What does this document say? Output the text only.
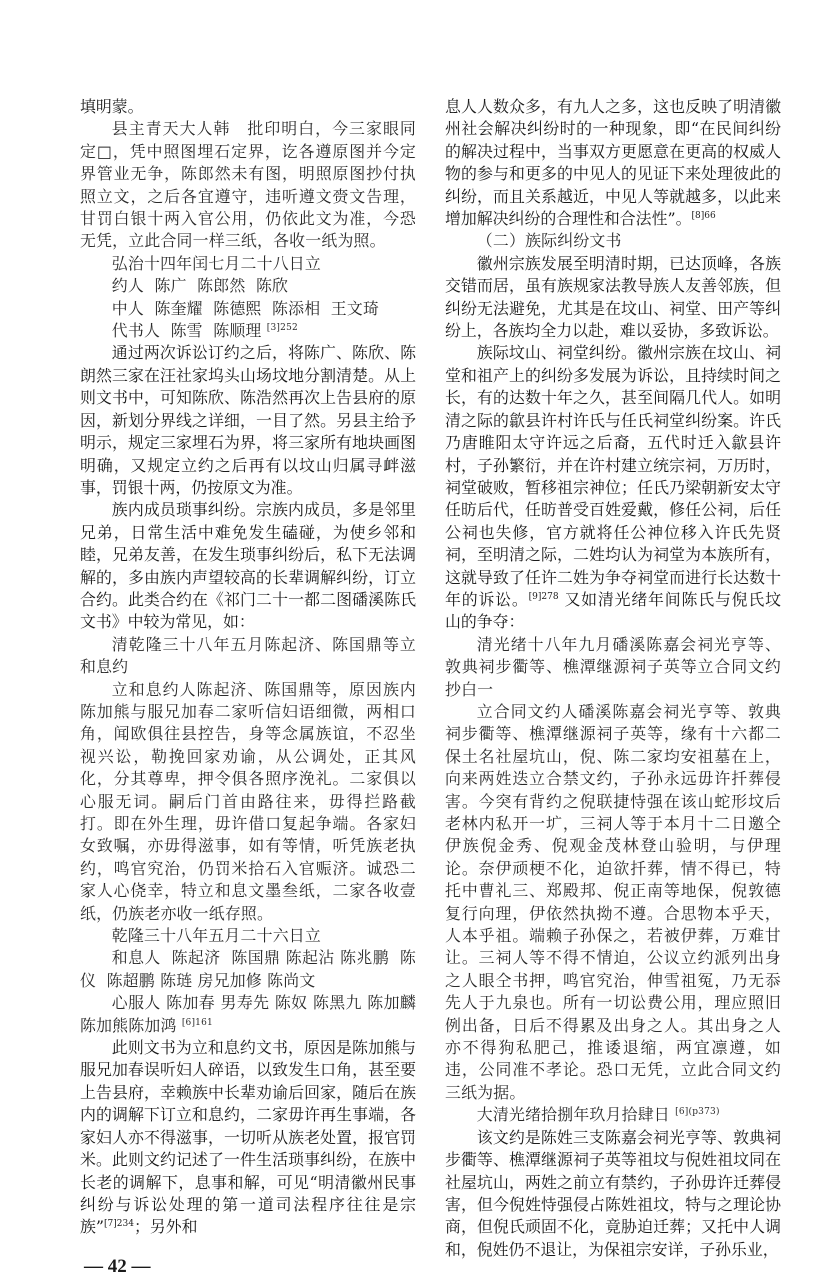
填明蒙。

县主青天大人韩　批印明白，今三家眼同定□，凭中照图埋石定界，讫各遵原图并今定界管业无争，陈郎然未有图，明照原图抄付执照立文，之后各宜遵守，违听遵文赍文告理，甘罚白银十两入官公用，仍依此文为准，今恐无凭，立此合同一样三纸，各收一纸为照。

弘治十四年闰七月二十八日立

约人  陈广  陈郎然  陈欣

中人  陈奎耀  陈德熙  陈添相  王文琦

代书人  陈雪  陈顺理 $^{[3]252}$

通过两次诉讼订约之后，将陈广、陈欣、陈朗然三家在汪社家坞头山场坟地分割清楚。从上则文书中，可知陈欣、陈浩然再次上告县府的原因，新划分界线之详细，一目了然。另县主给予明示，规定三家埋石为界，将三家所有地块画图明确，又规定立约之后再有以坟山归属寻衅滋事，罚银十两，仍按原文为准。

族内成员琐事纠纷。宗族内成员，多是邻里兄弟，日常生活中难免发生磕碰，为使乡邻和睦，兄弟友善，在发生琐事纠纷后，私下无法调解的，多由族内声望较高的长辈调解纠纷，订立合约。此类合约在《祁门二十一都二图磻溪陈氏文书》中较为常见，如：

清乾隆三十八年五月陈起济、陈国鼎等立和息约

立和息约人陈起济、陈国鼎等，原因族内陈加熊与服兄加春二家听信妇语细微，两相口角，闻欧俱往县控告，身等念属族谊，不忍坐视兴讼，勒挽回家劝谕，从公调处，正其风化，分其尊卑，押令俱各照序浼礼。二家俱以心服无词。嗣后门首由路往来，毋得拦路截打。即在外生理，毋许借口复起争端。各家妇女致嘱，亦毋得滋事，如有等情，听凭族老执约，鸣官究治，仍罚米拾石入官赈济。诚恐二家人心侥幸，特立和息文墨叁纸，二家各收壹纸，仍族老亦收一纸存照。

乾隆三十八年五月二十六日立

和息人  陈起济  陈国鼎 陈起沾 陈兆鹏  陈仪  陈超鹏 陈琏 房兄加修 陈尚文

心服人 陈加春 男寿先 陈奴 陈黑九 陈加麟 陈加熊陈加鸿 $^{[6]161}$

此则文书为立和息约文书，原因是陈加熊与服兄加春误听妇人碎语，以致发生口角，甚至要上告县府，幸赖族中长辈劝谕后回家，随后在族内的调解下订立和息约，二家毋许再生事端，各家妇人亦不得滋事，一切听从族老处置，报官罚米。此则文约记述了一件生活琐事纠纷，在族中长老的调解下，息事和解，可见“明清徽州民事纠纷与诉讼处理的第一道司法程序往往是宗族”$^{[7]234}$；另外和

— 42 —

息人人数众多，有九人之多，这也反映了明清徽州社会解决纠纷时的一种现象，即“在民间纠纷的解决过程中，当事双方更愿意在更高的权威人物的参与和更多的中见人的见证下来处理彼此的纠纷，而且关系越近，中见人等就越多，以此来增加解决纠纷的合理性和合法性”。$^{[8]66}$

（二）族际纠纷文书

徽州宗族发展至明清时期，已达顶峰，各族交错而居，虽有族规家法教导族人友善邻族，但纠纷无法避免，尤其是在坟山、祠堂、田产等纠纷上，各族均全力以赴，难以妥协，多致诉讼。

族际坟山、祠堂纠纷。徽州宗族在坟山、祠堂和祖产上的纠纷多发展为诉讼，且持续时间之长，有的达数十年之久，甚至间隔几代人。如明清之际的歙县许村许氏与任氏祠堂纠纷案。许氏乃唐睢阳太守许远之后裔，五代时迁入歙县许村，子孙繁衍，并在许村建立统宗祠，万历时，祠堂破败，暂移祖宗神位；任氏乃梁朝新安太守任昉后代，任昉普受百姓爱戴，修任公祠，后任公祠也失修，官方就将任公神位移入许氏先贤祠，至明清之际，二姓均认为祠堂为本族所有，这就导致了任许二姓为争夺祠堂而进行长达数十年的诉讼。$^{[9]278}$ 又如清光绪年间陈氏与倪氏坟山的争夺：

清光绪十八年九月磻溪陈嘉会祠光亨等、敦典祠步衢等、樵潭继源祠子英等立合同文约抄白一

立合同文约人磻溪陈嘉会祠光亨等、敦典祠步衢等、樵潭继源祠子英等，缘有十六都二保土名社屋坑山，倪、陈二家均安祖墓在上，向来两姓迭立合禁文约，子孙永远毋许扦葬侵害。今突有背约之倪联捷恃强在该山蛇形坟后老林内私开一圹，三祠人等于本月十二日邀仝伊族倪金秀、倪观金茂林登山验明，与伊理论。奈伊顽梗不化，迫欲扦葬，情不得已，特托中曹礼三、郑殿邦、倪正南等地保，倪敦德复行向理，伊依然执拗不遵。合思物本乎天，人本乎祖。端赖子孙保之，若被伊葬，万难甘让。三祠人等不得不情迫，公议立约派列出身之人眼仝书押，鸣官究治，伸雪祖冤，乃无忝先人于九泉也。所有一切讼费公用，理应照旧例出备，日后不得累及出身之人。其出身之人亦不得狗私肥己，推诿退缩，两宜凛遵，如违，公同准不孝论。恐口无凭，立此合同文约三纸为据。

大清光绪拾捌年玖月拾肆日 $^{[6](p373)}$

该文约是陈姓三支陈嘉会祠光亨等、敦典祠步衢等、樵潭继源祠子英等祖坟与倪姓祖坟同在社屋坑山，两姓之前立有禁约，子孙毋许迁葬侵害，但今倪姓恃强侵占陈姓祖坟，特与之理论协商，但倪氏顽固不化，竟胁迫迁葬；又托中人调和，倪姓仍不退让，为保祖宗安详，子孙乐业，
